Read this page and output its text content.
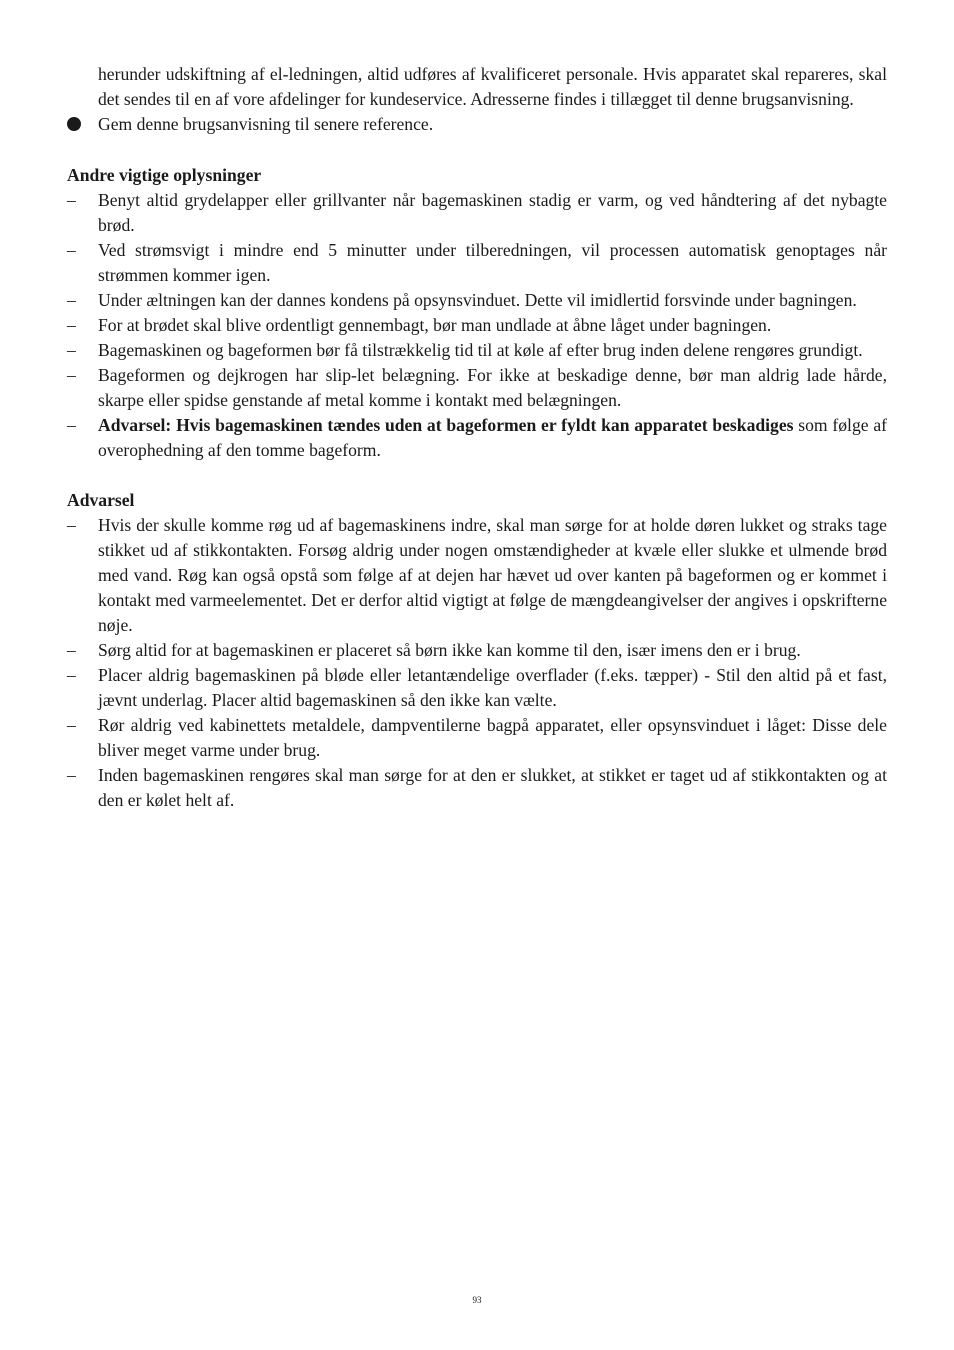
herunder udskiftning af el-ledningen, altid udføres af kvalificeret personale. Hvis apparatet skal repareres, skal det sendes til en af vore afdelinger for kundeservice. Adresserne findes i tillægget til denne brugsanvisning.
Gem denne brugsanvisning til senere reference.
Andre vigtige oplysninger
–	Benyt altid grydelapper eller grillvanter når bagemaskinen stadig er varm, og ved håndtering af det nybagte brød.
–	Ved strømsvigt i mindre end 5 minutter under tilberedningen, vil processen automatisk genoptages når strømmen kommer igen.
–	Under æltningen kan der dannes kondens på opsynsvinduet. Dette vil imidlertid forsvinde under bagningen.
–	For at brødet skal blive ordentligt gennembagt, bør man undlade at åbne låget under bagningen.
–	Bagemaskinen og bageformen bør få tilstrækkelig tid til at køle af efter brug inden delene rengøres grundigt.
–	Bageformen og dejkrogen har slip-let belægning. For ikke at beskadige denne, bør man aldrig lade hårde, skarpe eller spidse genstande af metal komme i kontakt med belægningen.
–	Advarsel: Hvis bagemaskinen tændes uden at bageformen er fyldt kan apparatet beskadiges som følge af overophedning af den tomme bageform.
Advarsel
–	Hvis der skulle komme røg ud af bagemaskinens indre, skal man sørge for at holde døren lukket og straks tage stikket ud af stikkontakten. Forsøg aldrig under nogen omstændigheder at kvæle eller slukke et ulmende brød med vand. Røg kan også opstå som følge af at dejen har hævet ud over kanten på bageformen og er kommet i kontakt med varmeelementet. Det er derfor altid vigtigt at følge de mængdeangivelser der angives i opskrifterne nøje.
–	Sørg altid for at bagemaskinen er placeret så børn ikke kan komme til den, især imens den er i brug.
–	Placer aldrig bagemaskinen på bløde eller letantændelige overflader (f.eks. tæpper) - Stil den altid på et fast, jævnt underlag. Placer altid bagemaskinen så den ikke kan vælte.
–	Rør aldrig ved kabinettets metaldele, dampventilerne bagpå apparatet, eller opsynsvinduet i låget: Disse dele bliver meget varme under brug.
–	Inden bagemaskinen rengøres skal man sørge for at den er slukket, at stikket er taget ud af stikkontakten og at den er kølet helt af.
93
